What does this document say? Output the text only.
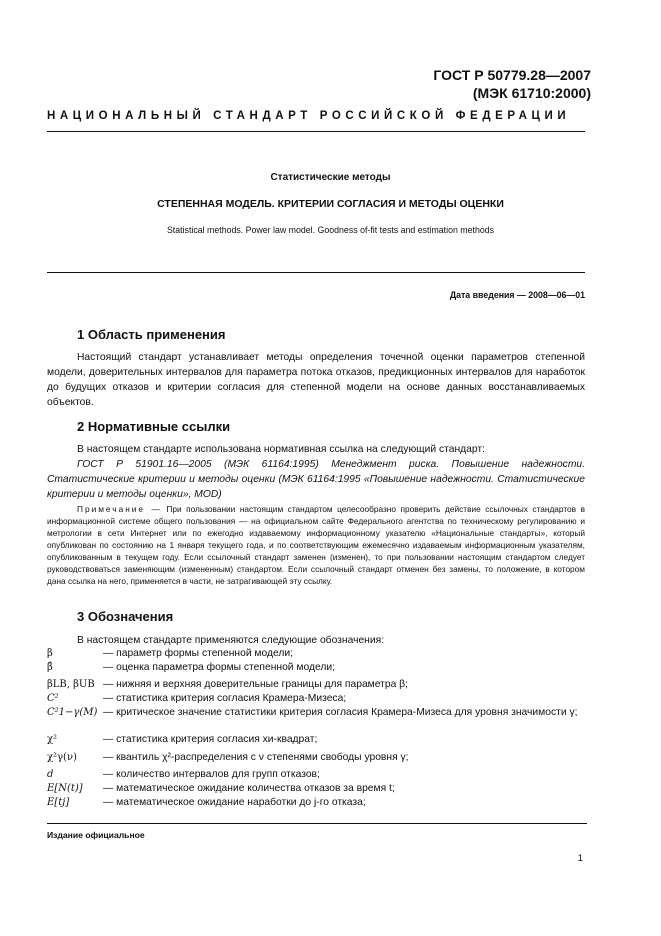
ГОСТ Р 50779.28—2007
(МЭК 61710:2000)
НАЦИОНАЛЬНЫЙ СТАНДАРТ РОССИЙСКОЙ ФЕДЕРАЦИИ
Статистические методы
СТЕПЕННАЯ МОДЕЛЬ. КРИТЕРИИ СОГЛАСИЯ И МЕТОДЫ ОЦЕНКИ
Statistical methods. Power law model. Goodness of-fit tests and estimation methods
Дата введения — 2008—06—01
1 Область применения
Настоящий стандарт устанавливает методы определения точечной оценки параметров степенной модели, доверительных интервалов для параметра потока отказов, предикционных интервалов для наработок до будущих отказов и критерии согласия для степенной модели на основе данных восстанавливаемых объектов.
2 Нормативные ссылки
В настоящем стандарте использована нормативная ссылка на следующий стандарт:
ГОСТ Р 51901.16—2005 (МЭК 61164:1995) Менеджмент риска. Повышение надежности. Статистические критерии и методы оценки (МЭК 61164:1995 «Повышение надежности. Статистические критерии и методы оценки», MOD)
Примечание — При пользовании настоящим стандартом целесообразно проверить действие ссылочных стандартов в информационной системе общего пользования — на официальном сайте Федерального агентства по техническому регулированию и метрологии в сети Интернет или по ежегодно издаваемому информационному указателю «Национальные стандарты», который опубликован по состоянию на 1 января текущего года, и по соответствующим ежемесячно издаваемым информационным указателям, опубликованным в текущем году. Если ссылочный стандарт заменен (изменен), то при пользовании настоящим стандартом следует руководствоваться заменяющим (измененным) стандартом. Если ссылочный стандарт отменен без замены, то положение, в котором дана ссылка на него, применяется в части, не затрагивающей эту ссылку.
3 Обозначения
В настоящем стандарте применяются следующие обозначения:
β	— параметр формы степенной модели;
β̂	— оценка параметра формы степенной модели;
βLB, βUB — нижняя и верхняя доверительные границы для параметра β;
C²	— статистика критерия согласия Крамера-Мизеса;
C²1−γ(M) — критическое значение статистики критерия согласия Крамера-Мизеса для уровня значимости γ;
χ²	— статистика критерия согласия хи-квадрат;
χ²γ(ν)	— квантиль χ²-распределения с ν степенями свободы уровня γ;
d	— количество интервалов для групп отказов;
E[N(t)]	— математическое ожидание количества отказов за время t;
E[tj]	— математическое ожидание наработки до j-го отказа;
Издание официальное
1
